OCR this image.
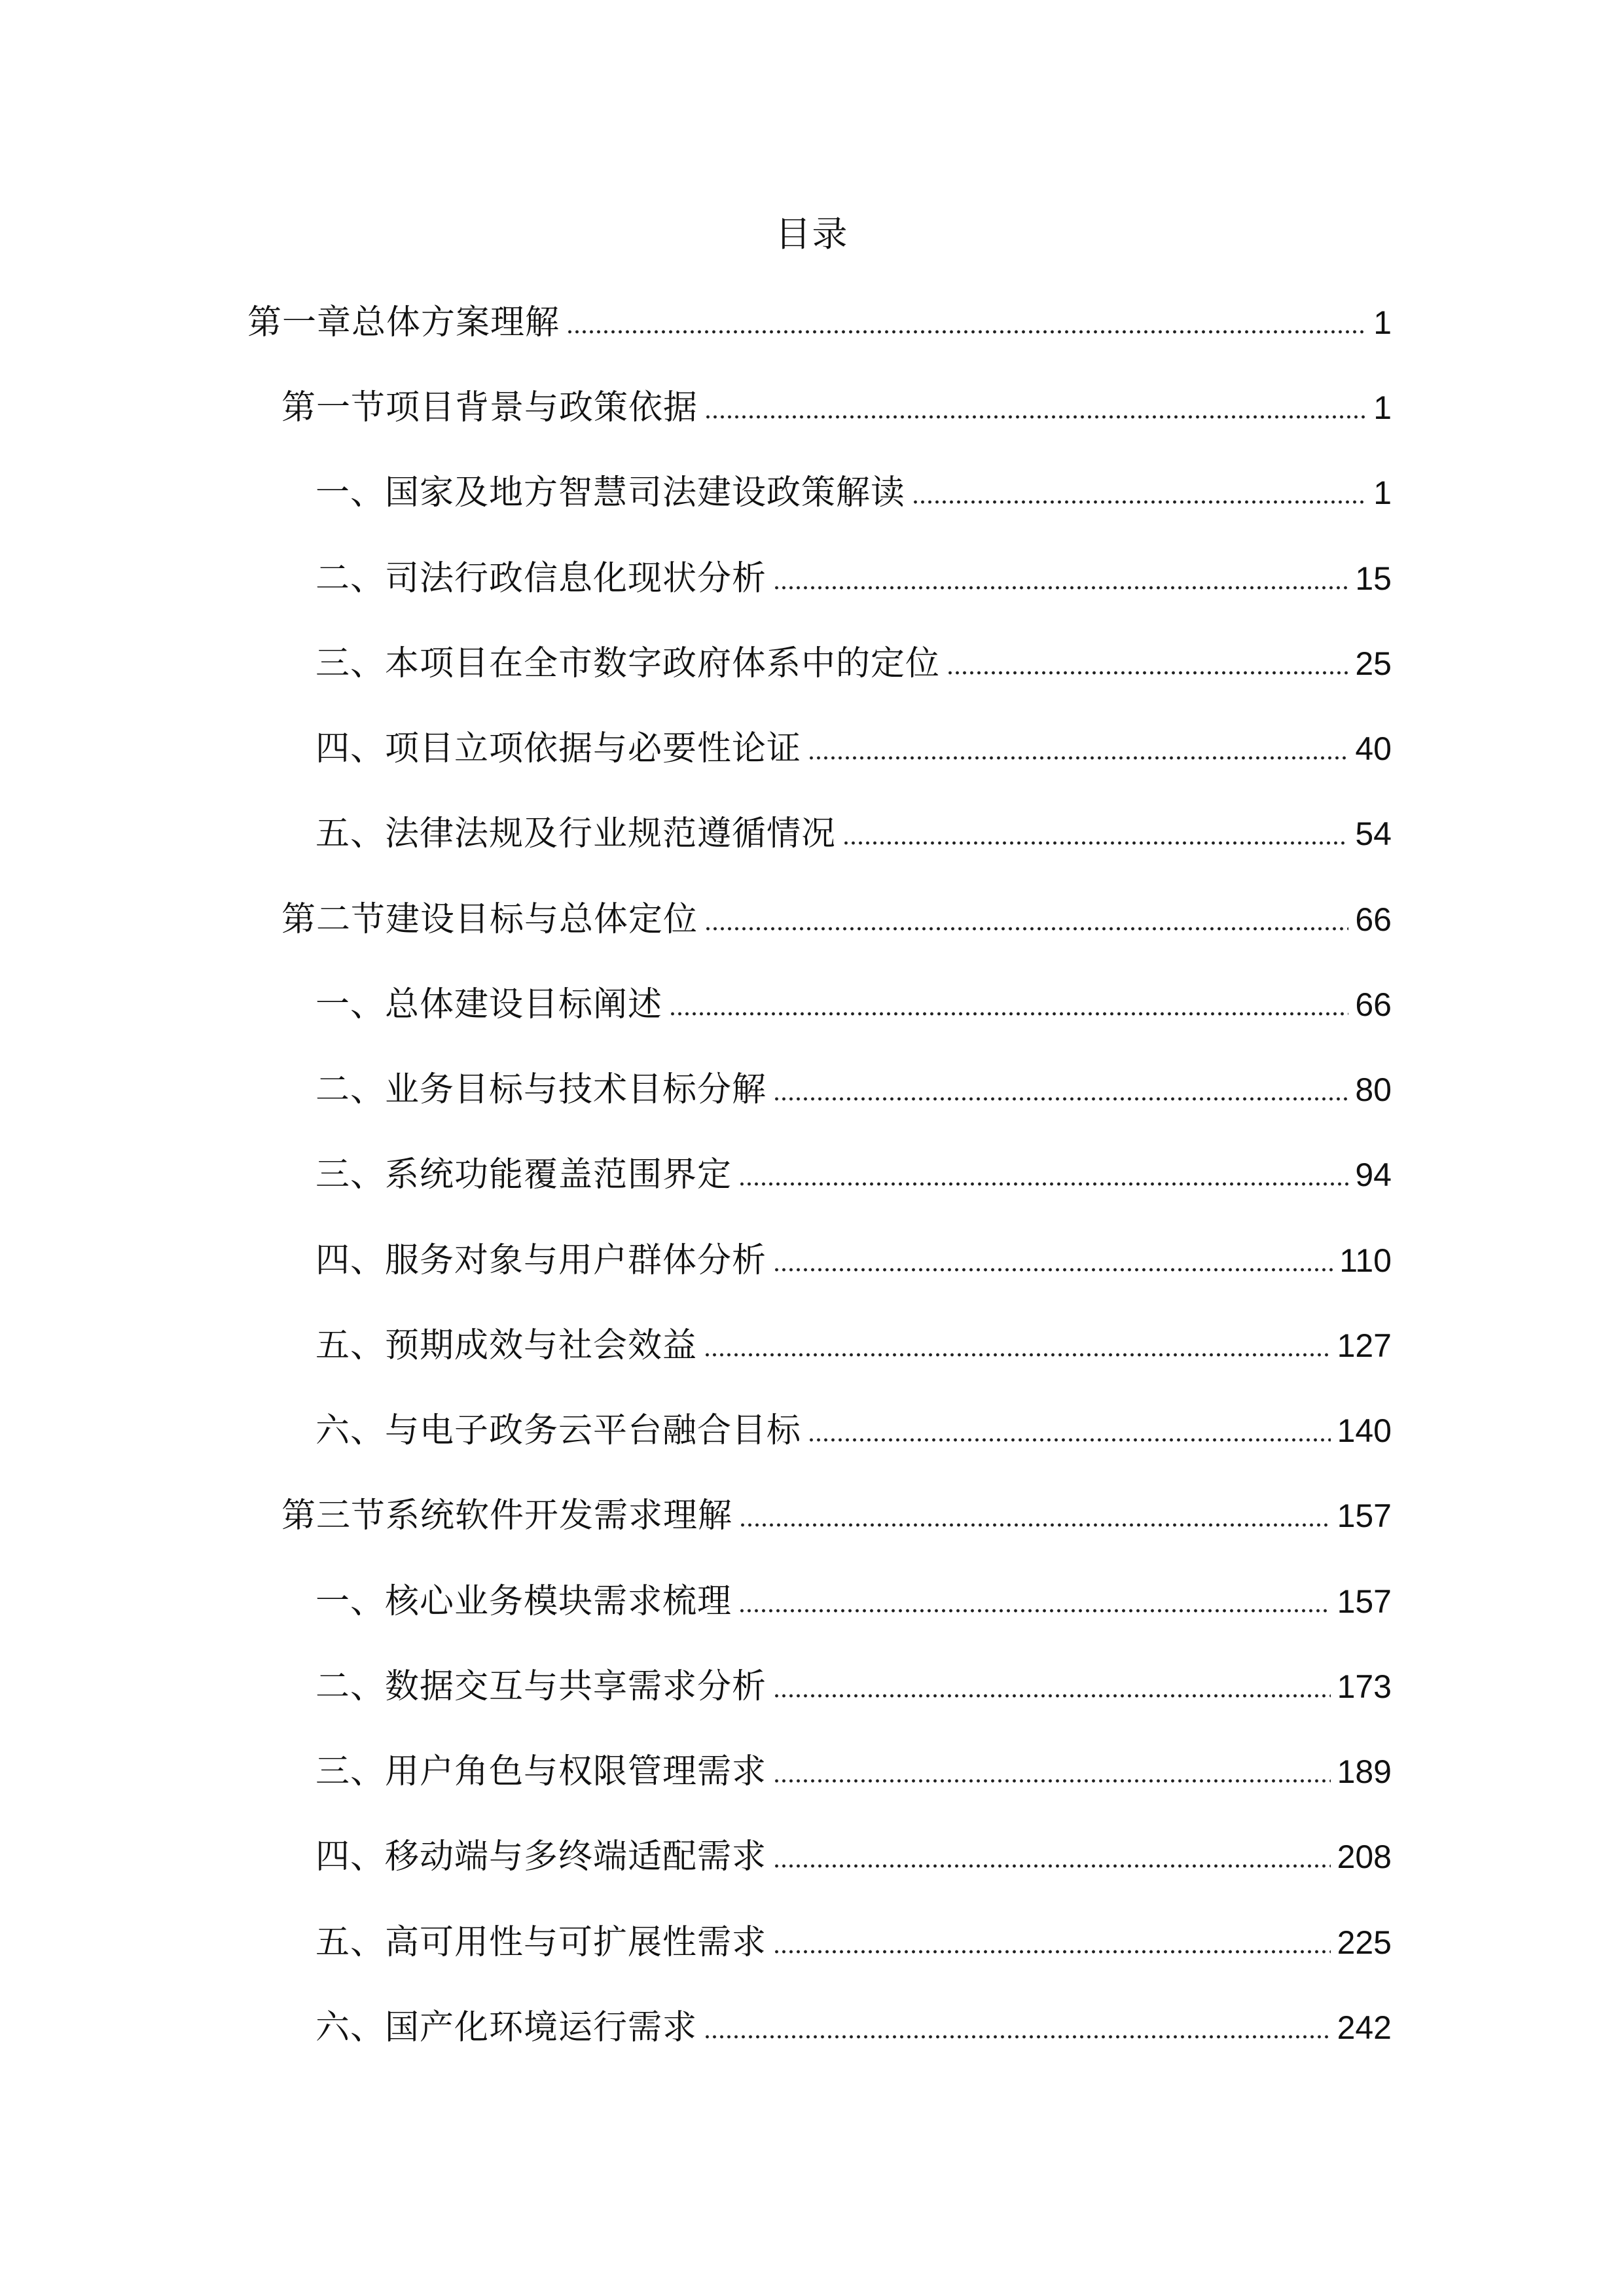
目录
第一章总体方案理解	1
第一节项目背景与政策依据	1
一、国家及地方智慧司法建设政策解读	1
二、司法行政信息化现状分析	15
三、本项目在全市数字政府体系中的定位	25
四、项目立项依据与必要性论证	40
五、法律法规及行业规范遵循情况	54
第二节建设目标与总体定位	66
一、总体建设目标阐述	66
二、业务目标与技术目标分解	80
三、系统功能覆盖范围界定	94
四、服务对象与用户群体分析	110
五、预期成效与社会效益	127
六、与电子政务云平台融合目标	140
第三节系统软件开发需求理解	157
一、核心业务模块需求梳理	157
二、数据交互与共享需求分析	173
三、用户角色与权限管理需求	189
四、移动端与多终端适配需求	208
五、高可用性与可扩展性需求	225
六、国产化环境运行需求	242
